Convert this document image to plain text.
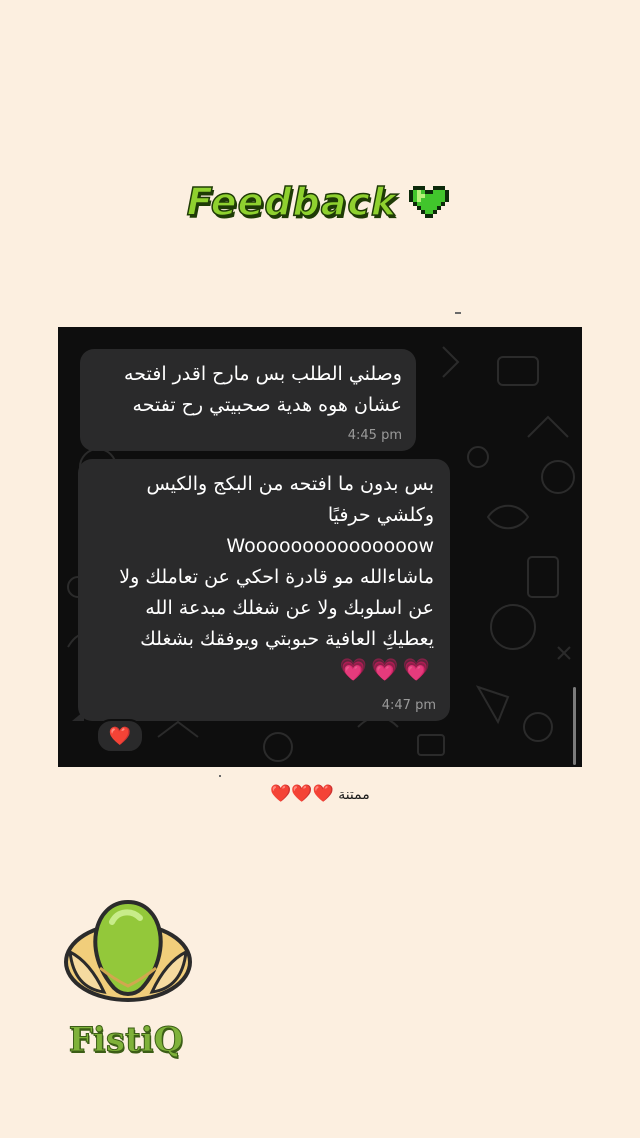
Feedback
وصلني الطلب بس مارح اقدر افتحه
عشان هوه هدية صحبيتي رح تفتحه
4:45 pm
بس بدون ما افتحه من البكج والكيس
وكلشي حرفيًا
Wooooooooooooooow
ماشاءالله مو قادرة احكي عن تعاملك ولا
عن اسلوبك ولا عن شغلك مبدعة الله
يعطيكِ العافية حبوبتي ويوفقك بشغلك
💗💗💗
4:47 pm
❤️
ممتنة ❤️❤️❤️
FistiQ
